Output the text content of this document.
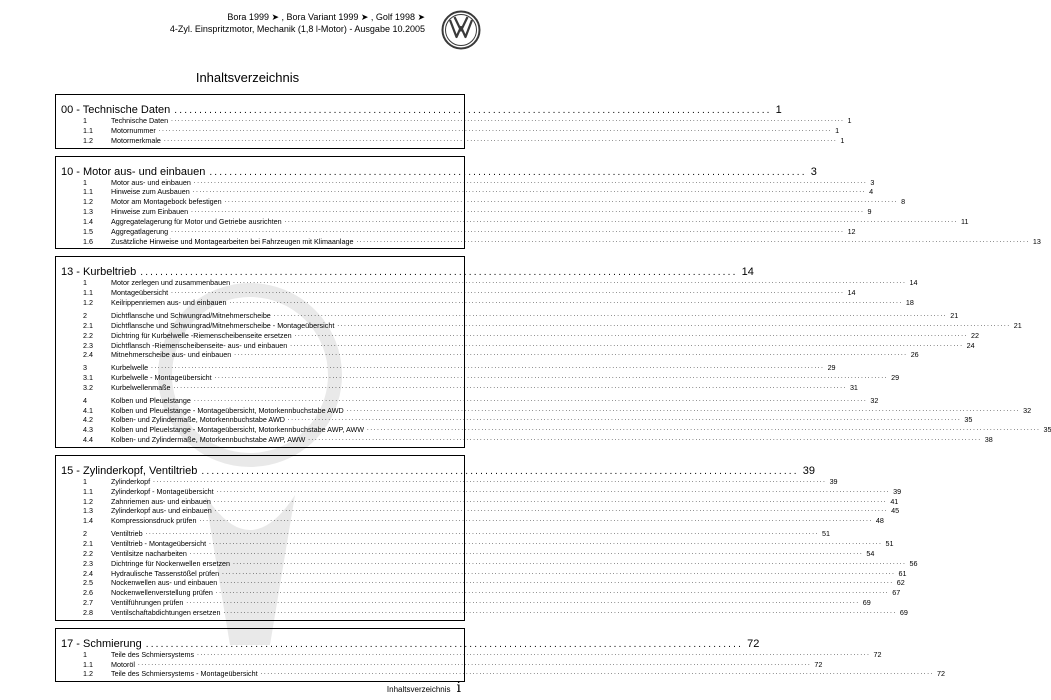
Bora 1999 ➤ , Bora Variant 1999 ➤ , Golf 1998 ➤
4-Zyl. Einspritzmotor, Mechanik (1,8 l-Motor) - Ausgabe 10.2005
Inhaltsverzeichnis
00 - Technische Daten ........................................................................................................................ 1
1	Technische Daten ........................................................................................................................................................................................................ 1
1.1	Motornummer ........................................................................................................................................................................................................ 1
1.2	Motormerkmale ........................................................................................................................................................................................................ 1
10 - Motor aus- und einbauen ........................................................................................................................ 3
1	Motor aus- und einbauen ........................................................................................................................................................................................................ 3
1.1	Hinweise zum Ausbauen ........................................................................................................................................................................................................ 4
1.2	Motor am Montagebock befestigen ........................................................................................................................................................................................................ 8
1.3	Hinweise zum Einbauen ........................................................................................................................................................................................................ 9
1.4	Aggregatelagerung für Motor und Getriebe ausrichten ........................................................................................................................................................................................................ 11
1.5	Aggregatlagerung ........................................................................................................................................................................................................ 12
1.6	Zusätzliche Hinweise und Montagearbeiten bei Fahrzeugen mit Klimaanlage ........................................................................................................................................................................................................ 13
13 - Kurbeltrieb ........................................................................................................................ 14
1	Motor zerlegen und zusammenbauen ........................................................................................................................................................................................................ 14
1.1	Montageübersicht ........................................................................................................................................................................................................ 14
1.2	Keilrippenriemen aus- und einbauen ........................................................................................................................................................................................................ 18
2	Dichtflansche und Schwungrad/Mitnehmerscheibe ........................................................................................................................................................................................................ 21
2.1	Dichtflansche und Schwungrad/Mitnehmerscheibe - Montageübersicht ........................................................................................................................................................................................................ 21
2.2	Dichtring für Kurbelwelle -Riemenscheibenseite ersetzen ........................................................................................................................................................................................................ 22
2.3	Dichtflansch -Riemenscheibenseite- aus- und einbauen ........................................................................................................................................................................................................ 24
2.4	Mitnehmerscheibe aus- und einbauen ........................................................................................................................................................................................................ 26
3	Kurbelwelle ........................................................................................................................................................................................................ 29
3.1	Kurbelwelle - Montageübersicht ........................................................................................................................................................................................................ 29
3.2	Kurbelwellenmaße ........................................................................................................................................................................................................ 31
4	Kolben und Pleuelstange ........................................................................................................................................................................................................ 32
4.1	Kolben und Pleuelstange - Montageübersicht, Motorkennbuchstabe AWD ........................................................................................................................................................................................................ 32
4.2	Kolben- und Zylindermaße, Motorkennbuchstabe AWD ........................................................................................................................................................................................................ 35
4.3	Kolben und Pleuelstange - Montageübersicht, Motorkennbuchstabe AWP, AWW ........................................................................................................................................................................................................ 35
4.4	Kolben- und Zylindermaße, Motorkennbuchstabe AWP, AWW ........................................................................................................................................................................................................ 38
15 - Zylinderkopf, Ventiltrieb ........................................................................................................................ 39
1	Zylinderkopf ........................................................................................................................................................................................................ 39
1.1	Zylinderkopf - Montageübersicht ........................................................................................................................................................................................................ 39
1.2	Zahnriemen aus- und einbauen ........................................................................................................................................................................................................ 41
1.3	Zylinderkopf aus- und einbauen ........................................................................................................................................................................................................ 45
1.4	Kompressionsdruck prüfen ........................................................................................................................................................................................................ 48
2	Ventiltrieb ........................................................................................................................................................................................................ 51
2.1	Ventiltrieb - Montageübersicht ........................................................................................................................................................................................................ 51
2.2	Ventilsitze nacharbeiten ........................................................................................................................................................................................................ 54
2.3	Dichtringe für Nockenwellen ersetzen ........................................................................................................................................................................................................ 56
2.4	Hydraulische Tassenstößel prüfen ........................................................................................................................................................................................................ 61
2.5	Nockenwellen aus- und einbauen ........................................................................................................................................................................................................ 62
2.6	Nockenwellenverstellung prüfen ........................................................................................................................................................................................................ 67
2.7	Ventilführungen prüfen ........................................................................................................................................................................................................ 69
2.8	Ventilschaftabdichtungen ersetzen ........................................................................................................................................................................................................ 69
17 - Schmierung ........................................................................................................................ 72
1	Teile des Schmiersystems ........................................................................................................................................................................................................ 72
1.1	Motoröl ........................................................................................................................................................................................................ 72
1.2	Teile des Schmiersystems - Montageübersicht ........................................................................................................................................................................................................ 72
Inhaltsverzeichnis i
